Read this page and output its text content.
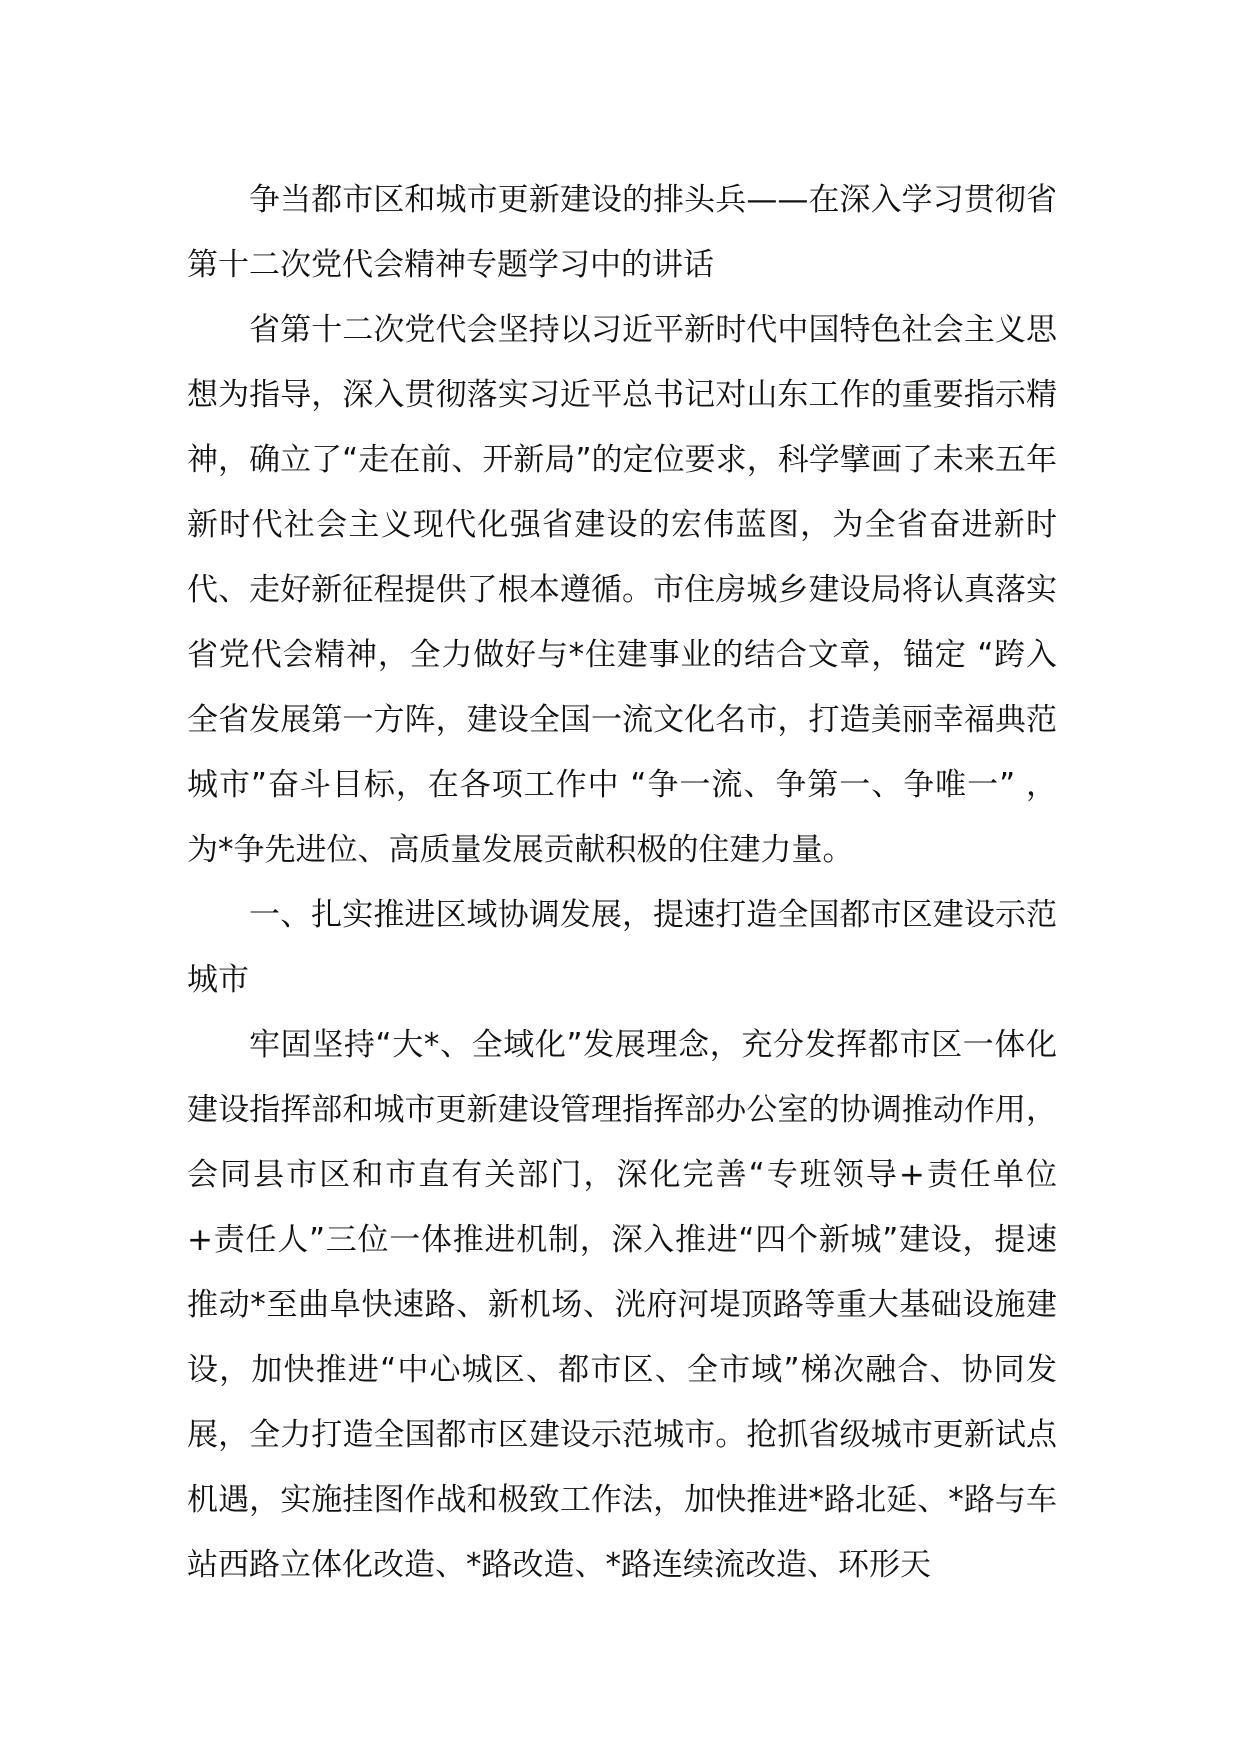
争当都市区和城市更新建设的排头兵——在深入学习贯彻省第十二次党代会精神专题学习中的讲话

省第十二次党代会坚持以习近平新时代中国特色社会主义思想为指导，深入贯彻落实习近平总书记对山东工作的重要指示精神，确立了“走在前、开新局”的定位要求，科学擘画了未来五年新时代社会主义现代化强省建设的宏伟蓝图，为全省奋进新时代、走好新征程提供了根本遵循。市住房城乡建设局将认真落实省党代会精神，全力做好与*住建事业的结合文章，锚定 “跨入全省发展第一方阵，建设全国一流文化名市，打造美丽幸福典范城市”奋斗目标，在各项工作中 “争一流、争第一、争唯一” ，为*争先进位、高质量发展贡献积极的住建力量。

一、扎实推进区域协调发展，提速打造全国都市区建设示范城市

牢固坚持“大*、全域化”发展理念，充分发挥都市区一体化建设指挥部和城市更新建设管理指挥部办公室的协调推动作用，会同县市区和市直有关部门，深化完善“专班领导+责任单位+责任人”三位一体推进机制，深入推进“四个新城”建设，提速推动*至曲阜快速路、新机场、洸府河堤顶路等重大基础设施建设，加快推进“中心城区、都市区、全市域”梯次融合、协同发展，全力打造全国都市区建设示范城市。抢抓省级城市更新试点机遇，实施挂图作战和极致工作法，加快推进*路北延、*路与车站西路立体化改造、*路改造、*路连续流改造、环形天
